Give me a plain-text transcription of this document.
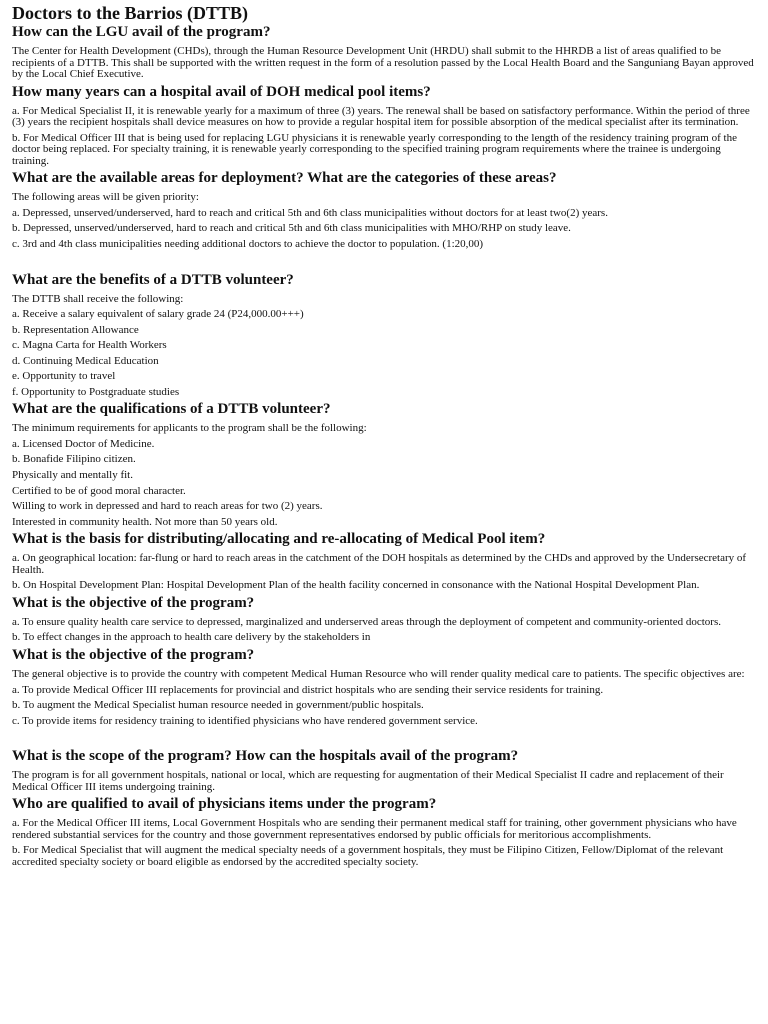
Doctors to the Barrios (DTTB)
How can the LGU avail of the program?
The Center for Health Development (CHDs), through the Human Resource Development Unit (HRDU) shall submit to the HHRDB a list of areas qualified to be recipients of a DTTB. This shall be supported with the written request in the form of a resolution passed by the Local Health Board and the Sanguniang Bayan approved by the Local Chief Executive.
How many years can a hospital avail of DOH medical pool items?
a. For Medical Specialist II, it is renewable yearly for a maximum of three (3) years. The renewal shall be based on satisfactory performance. Within the period of three (3) years the recipient hospitals shall device measures on how to provide a regular hospital item for possible absorption of the medical specialist after its termination.
b. For Medical Officer III that is being used for replacing LGU physicians it is renewable yearly corresponding to the length of the residency training program of the doctor being replaced. For specialty training, it is renewable yearly corresponding to the specified training program requirements where the trainee is undergoing training.
What are the available areas for deployment? What are the categories of these areas?
The following areas will be given priority:
a. Depressed, unserved/underserved, hard to reach and critical 5th and 6th class municipalities without doctors for at least two(2) years.
b. Depressed, unserved/underserved, hard to reach and critical 5th and 6th class municipalities with MHO/RHP on study leave.
c. 3rd and 4th class municipalities needing additional doctors to achieve the doctor to population. (1:20,00)
What are the benefits of a DTTB volunteer?
The DTTB shall receive the following:
a. Receive a salary equivalent of salary grade 24 (P24,000.00+++)
b. Representation Allowance
c. Magna Carta for Health Workers
d. Continuing Medical Education
e. Opportunity to travel
f. Opportunity to Postgraduate studies
What are the qualifications of a DTTB volunteer?
The minimum requirements for applicants to the program shall be the following:
a. Licensed Doctor of Medicine.
b. Bonafide Filipino citizen.
Physically and mentally fit.
Certified to be of good moral character.
Willing to work in depressed and hard to reach areas for two (2) years.
Interested in community health. Not more than 50 years old.
What is the basis for distributing/allocating and re-allocating of Medical Pool item?
a. On geographical location: far-flung or hard to reach areas in the catchment of the DOH hospitals as determined by the CHDs and approved by the Undersecretary of Health.
b. On Hospital Development Plan: Hospital Development Plan of the health facility concerned in consonance with the National Hospital Development Plan.
What is the objective of the program?
a. To ensure quality health care service to depressed, marginalized and underserved areas through the deployment of competent and community-oriented doctors.
b. To effect changes in the approach to health care delivery by the stakeholders in
What is the objective of the program?
The general objective is to provide the country with competent Medical Human Resource who will render quality medical care to patients. The specific objectives are:
a. To provide Medical Officer III replacements for provincial and district hospitals who are sending their service residents for training.
b. To augment the Medical Specialist human resource needed in government/public hospitals.
c. To provide items for residency training to identified physicians who have rendered government service.
What is the scope of the program? How can the hospitals avail of the program?
The program is for all government hospitals, national or local, which are requesting for augmentation of their Medical Specialist II cadre and replacement of their Medical Officer III items undergoing training.
Who are qualified to avail of physicians items under the program?
a. For the Medical Officer III items, Local Government Hospitals who are sending their permanent medical staff for training, other government physicians who have rendered substantial services for the country and those government representatives endorsed by public officials for meritorious accomplishments.
b. For Medical Specialist that will augment the medical specialty needs of a government hospitals, they must be Filipino Citizen, Fellow/Diplomat of the relevant accredited specialty society or board eligible as endorsed by the accredited specialty society.
